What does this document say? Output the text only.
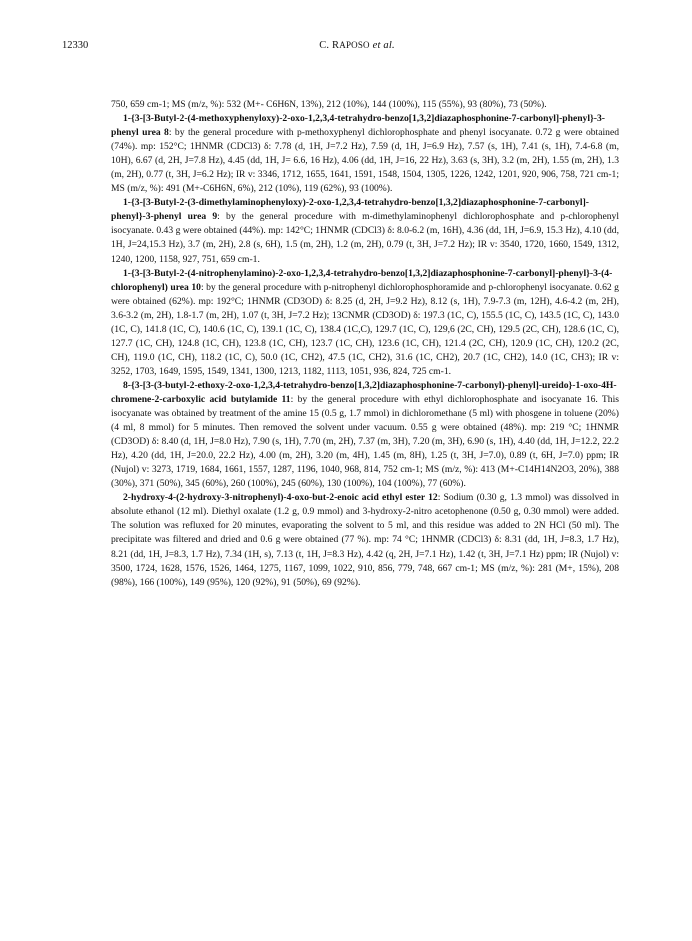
12330	C. RAPOSO et al.

750, 659 cm-1; MS (m/z, %): 532 (M+- C6H6N, 13%), 212 (10%), 144 (100%), 115 (55%), 93 (80%), 73 (50%).

1-{3-[3-Butyl-2-(4-methoxyphenyloxy)-2-oxo-1,2,3,4-tetrahydro-benzo[1,3,2]diazaphosphonine-7-carbonyl]-phenyl}-3-phenyl urea 8: by the general procedure with p-methoxyphenyl dichlorophosphate and phenyl isocyanate. 0.72 g were obtained (74%). mp: 152°C; 1HNMR (CDCl3) δ: 7.78 (d, 1H, J=7.2 Hz), 7.59 (d, 1H, J=6.9 Hz), 7.57 (s, 1H), 7.41 (s, 1H), 7.4-6.8 (m, 10H), 6.67 (d, 2H, J=7.8 Hz), 4.45 (dd, 1H, J= 6.6, 16 Hz), 4.06 (dd, 1H, J=16, 22 Hz), 3.63 (s, 3H), 3.2 (m, 2H), 1.55 (m, 2H), 1.3 (m, 2H), 0.77 (t, 3H, J=6.2 Hz); IR v: 3346, 1712, 1655, 1641, 1591, 1548, 1504, 1305, 1226, 1242, 1201, 920, 906, 758, 721 cm-1; MS (m/z, %): 491 (M+-C6H6N, 6%), 212 (10%), 119 (62%), 93 (100%).

1-{3-[3-Butyl-2-(3-dimethylaminophenyloxy)-2-oxo-1,2,3,4-tetrahydro-benzo[1,3,2]diazaphosphonine-7-carbonyl]-phenyl}-3-phenyl urea 9: by the general procedure with m-dimethylaminophenyl dichlorophosphate and p-chlorophenyl isocyanate. 0.43 g were obtained (44%). mp: 142°C; 1HNMR (CDCl3) δ: 8.0-6.2 (m, 16H), 4.36 (dd, 1H, J=6.9, 15.3 Hz), 4.10 (dd, 1H, J=24,15.3 Hz), 3.7 (m, 2H), 2.8 (s, 6H), 1.5 (m, 2H), 1.2 (m, 2H), 0.79 (t, 3H, J=7.2 Hz); IR v: 3540, 1720, 1660, 1549, 1312, 1240, 1200, 1158, 927, 751, 659 cm-1.

1-{3-[3-Butyl-2-(4-nitrophenylamino)-2-oxo-1,2,3,4-tetrahydro-benzo[1,3,2]diazaphosphonine-7-carbonyl]-phenyl}-3-(4-chlorophenyl) urea 10: by the general procedure with p-nitrophenyl dichlorophosphoramide and p-chlorophenyl isocyanate. 0.62 g were obtained (62%). mp: 192°C; 1HNMR (CD3OD) δ: 8.25 (d, 2H, J=9.2 Hz), 8.12 (s, 1H), 7.9-7.3 (m, 12H), 4.6-4.2 (m, 2H), 3.6-3.2 (m, 2H), 1.8-1.7 (m, 2H), 1.07 (t, 3H, J=7.2 Hz); 13CNMR (CD3OD) δ: 197.3 (1C, C), 155.5 (1C, C), 143.5 (1C, C), 143.0 (1C, C), 141.8 (1C, C), 140.6 (1C, C), 139.1 (1C, C), 138.4 (1C,C), 129.7 (1C, C), 129,6 (2C, CH), 129.5 (2C, CH), 128.6 (1C, C), 127.7 (1C, CH), 124.8 (1C, CH), 123.8 (1C, CH), 123.7 (1C, CH), 123.6 (1C, CH), 121.4 (2C, CH), 120.9 (1C, CH), 120.2 (2C, CH), 119.0 (1C, CH), 118.2 (1C, C), 50.0 (1C, CH2), 47.5 (1C, CH2), 31.6 (1C, CH2), 20.7 (1C, CH2), 14.0 (1C, CH3); IR v: 3252, 1703, 1649, 1595, 1549, 1341, 1300, 1213, 1182, 1113, 1051, 936, 824, 725 cm-1.

8-{3-[3-(3-butyl-2-ethoxy-2-oxo-1,2,3,4-tetrahydro-benzo[1,3,2]diazaphosphonine-7-carbonyl)-phenyl]-ureido}-1-oxo-4H-chromene-2-carboxylic acid butylamide 11: by the general procedure with ethyl dichlorophosphate and isocyanate 16. This isocyanate was obtained by treatment of the amine 15 (0.5 g, 1.7 mmol) in dichloromethane (5 ml) with phosgene in toluene (20%) (4 ml, 8 mmol) for 5 minutes. Then removed the solvent under vacuum. 0.55 g were obtained (48%). mp: 219 °C; 1HNMR (CD3OD) δ: 8.40 (d, 1H, J=8.0 Hz), 7.90 (s, 1H), 7.70 (m, 2H), 7.37 (m, 3H), 7.20 (m, 3H), 6.90 (s, 1H), 4.40 (dd, 1H, J=12.2, 22.2 Hz), 4.20 (dd, 1H, J=20.0, 22.2 Hz), 4.00 (m, 2H), 3.20 (m, 4H), 1.45 (m, 8H), 1.25 (t, 3H, J=7.0), 0.89 (t, 6H, J=7.0) ppm; IR (Nujol) v: 3273, 1719, 1684, 1661, 1557, 1287, 1196, 1040, 968, 814, 752 cm-1; MS (m/z, %): 413 (M+-C14H14N2O3, 20%), 388 (30%), 371 (50%), 345 (60%), 260 (100%), 245 (60%), 130 (100%), 104 (100%), 77 (60%).

2-hydroxy-4-(2-hydroxy-3-nitrophenyl)-4-oxo-but-2-enoic acid ethyl ester 12: Sodium (0.30 g, 1.3 mmol) was dissolved in absolute ethanol (12 ml). Diethyl oxalate (1.2 g, 0.9 mmol) and 3-hydroxy-2-nitro acetophenone (0.50 g, 0.30 mmol) were added. The solution was refluxed for 20 minutes, evaporating the solvent to 5 ml, and this residue was added to 2N HCl (50 ml). The precipitate was filtered and dried and 0.6 g were obtained (77 %). mp: 74 °C; 1HNMR (CDCl3) δ: 8.31 (dd, 1H, J=8.3, 1.7 Hz), 8.21 (dd, 1H, J=8.3, 1.7 Hz), 7.34 (1H, s), 7.13 (t, 1H, J=8.3 Hz), 4.42 (q, 2H, J=7.1 Hz), 1.42 (t, 3H, J=7.1 Hz) ppm; IR (Nujol) v: 3500, 1724, 1628, 1576, 1526, 1464, 1275, 1167, 1099, 1022, 910, 856, 779, 748, 667 cm-1; MS (m/z, %): 281 (M+, 15%), 208 (98%), 166 (100%), 149 (95%), 120 (92%), 91 (50%), 69 (92%).
